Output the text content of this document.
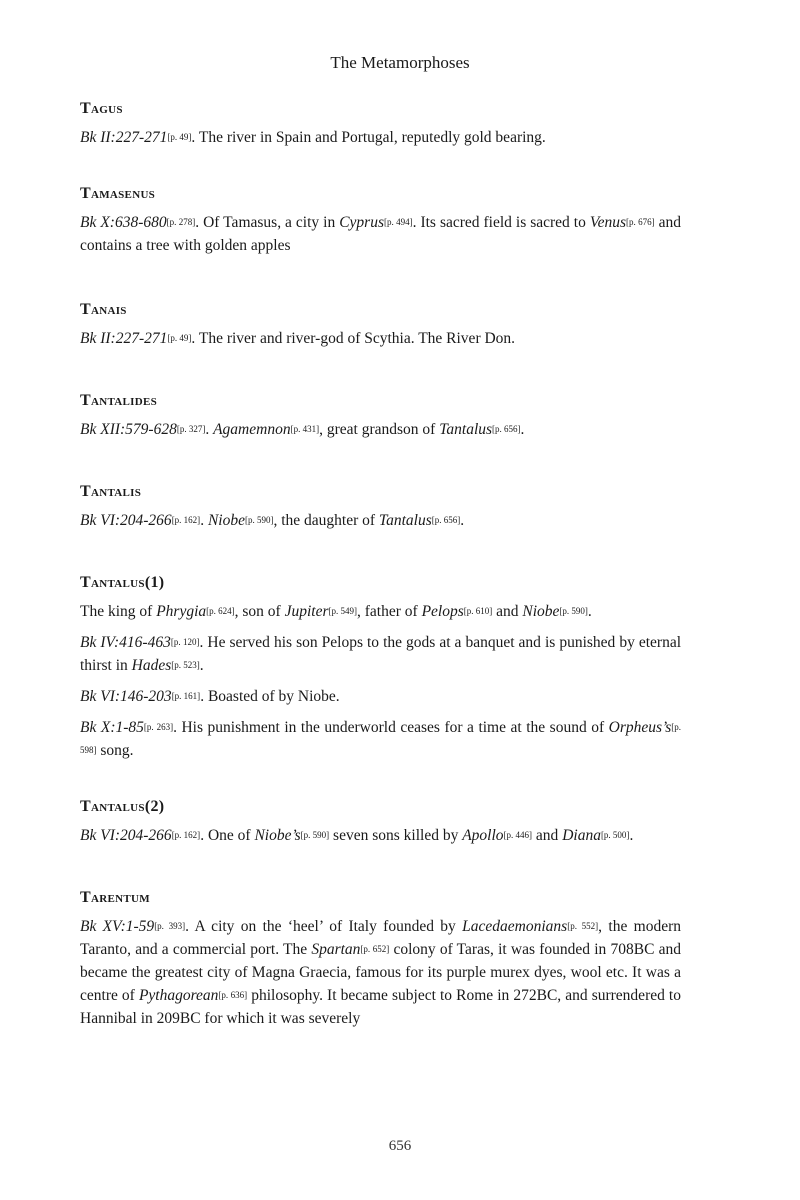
The Metamorphoses
Tagus

Bk II:227-271[p. 49]. The river in Spain and Portugal, reputedly gold bearing.

Tamasenus

Bk X:638-680[p. 278]. Of Tamasus, a city in Cyprus[p. 494]. Its sacred field is sacred to Venus[p. 676] and contains a tree with golden apples

Tanais

Bk II:227-271[p. 49]. The river and river-god of Scythia. The River Don.

Tantalides

Bk XII:579-628[p. 327]. Agamemnon[p. 431], great grandson of Tantalus[p. 656].

Tantalis

Bk VI:204-266[p. 162]. Niobe[p. 590], the daughter of Tantalus[p. 656].

Tantalus(1)

The king of Phrygia[p. 624], son of Jupiter[p. 549], father of Pelops[p. 610] and Niobe[p. 590].

Bk IV:416-463[p. 120]. He served his son Pelops to the gods at a banquet and is punished by eternal thirst in Hades[p. 523].

Bk VI:146-203[p. 161]. Boasted of by Niobe.

Bk X:1-85[p. 263]. His punishment in the underworld ceases for a time at the sound of Orpheus’s[p. 598] song.

Tantalus(2)

Bk VI:204-266[p. 162]. One of Niobe’s[p. 590] seven sons killed by Apollo[p. 446] and Diana[p. 500].

Tarentum

Bk XV:1-59[p. 393]. A city on the ‘heel’ of Italy founded by Lacedaemonians[p. 552], the modern Taranto, and a commercial port. The Spartan[p. 652] colony of Taras, it was founded in 708BC and became the greatest city of Magna Graecia, famous for its purple murex dyes, wool etc. It was a centre of Pythagorean[p. 636] philosophy. It became subject to Rome in 272BC, and surrendered to Hannibal in 209BC for which it was severely

656
